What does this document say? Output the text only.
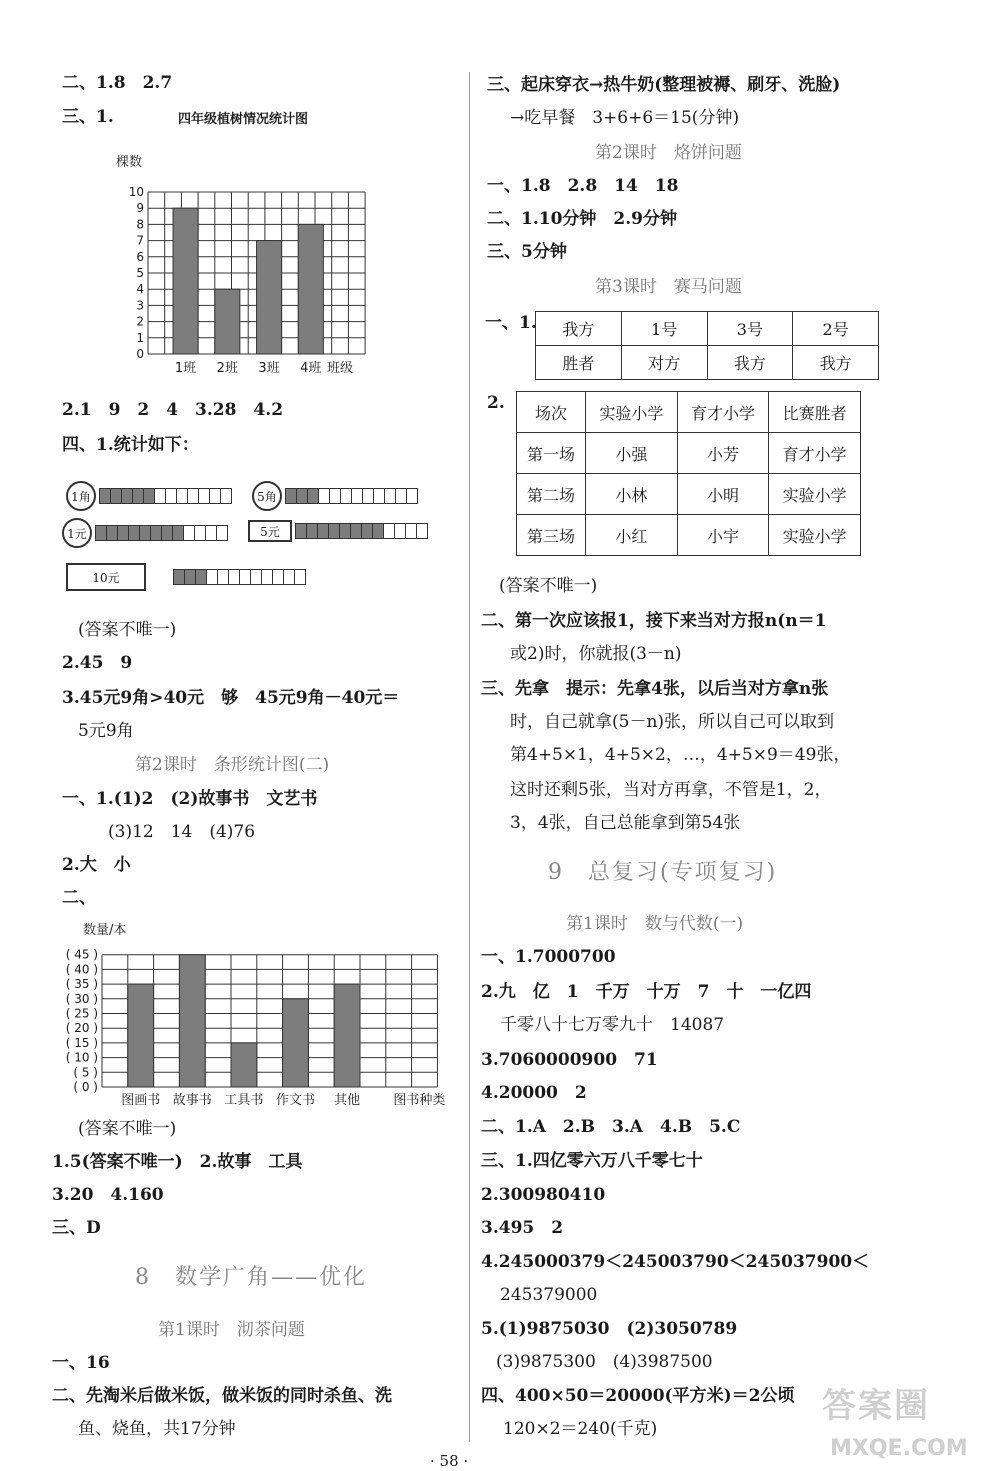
二、1.8　2.7
三、1.	四年级植树情况统计图
棵数
0
1
2
3
4
5
6
7
8
9
10
1班 2班 3班 4班 班级
2.1　9　2　4　3.28　4.2
四、1.统计如下：
1角	5角
1元	5元
10元
(答案不唯一)
2.45　9
3.45元9角>40元　够　45元9角－40元＝
5元9角
第2课时　条形统计图(二)
一、1.(1)2　(2)故事书　文艺书
(3)12　14　(4)76
2.大　小
二、
数量/本
( 0 )
( 5 )
( 10 )
( 15 )
( 20 )
( 25 )
( 30 )
( 35 )
( 40 )
( 45 )
图画书 故事书 工具书 作文书 其他	图书种类
(答案不唯一)
1.5(答案不唯一)　2.故事　工具
3.20　4.160
三、D
8　数学广角——优化
第1课时　沏茶问题
一、16
二、先淘米后做米饭，做米饭的同时杀鱼、洗
鱼、烧鱼，共17分钟
三、起床穿衣→热牛奶(整理被褥、刷牙、洗脸)
→吃早餐　3+6+6＝15(分钟)
第2课时　烙饼问题
一、1.8　2.8　14　18
二、1.10分钟　2.9分钟
三、5分钟
第3课时　赛马问题
一、1. 我方	1号	3号	2号
胜者	对方	我方	我方
2. 场次	实验小学	育才小学	比赛胜者
第一场	小强	小芳	育才小学
第二场	小林	小明	实验小学
第三场	小红	小宇	实验小学
(答案不唯一)
二、第一次应该报1，接下来当对方报n(n＝1
或2)时，你就报(3－n)
三、先拿　提示：先拿4张，以后当对方拿n张
时，自己就拿(5－n)张，所以自己可以取到
第4+5×1，4+5×2，…，4+5×9＝49张，
这时还剩5张，当对方再拿，不管是1，2，
3，4张，自己总能拿到第54张
9　总复习(专项复习)
第1课时　数与代数(一)
一、1.7000700
2.九　亿　1　千万　十万　7　十　一亿四
千零八十七万零九十　14087
3.7060000900　71
4.20000　2
二、1.A　2.B　3.A　4.B　5.C
三、1.四亿零六万八千零七十
2.300980410
3.495　2
4.245000379＜245003790＜245037900＜
245379000
5.(1)9875030　(2)3050789
(3)9875300　(4)3987500
四、400×50＝20000(平方米)＝2公顷
120×2＝240(千克)
· 58 ·
答案圈
MXQE.COM
